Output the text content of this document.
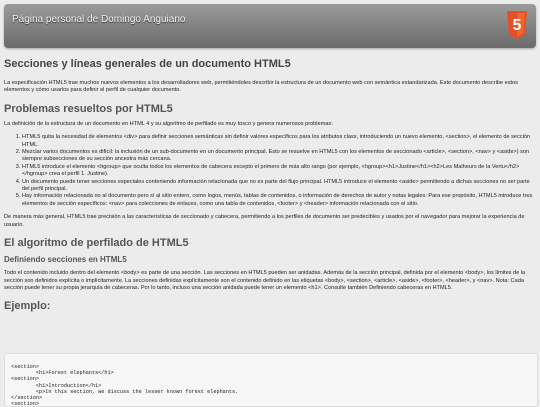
Página personal de Domingo Anguiano	5
Secciones y líneas generales de un documento HTML5

La especificación HTML5 trae muchos nuevos elementos a los desarrolladores web, permitiéndoles describir la estructura de un documento web con semántica estandarizada. Este documento describe estos elementos y cómo usarlos para definir el perfil de cualquier documento.

Problemas resueltos por HTML5

La definición de la estructura de un documento en HTML 4 y su algoritmo de perfilado es muy tosco y genera numerosos problemas:

1. HTML5 quita la necesidad de elementos <div> para definir secciones semánticas sin definir valores específicos para los atributos class, introduciendo un nuevo elemento, <section>, el elemento de sección HTML.
2. Mezclar varios documentos es difícil: la inclusión de un sub-documento en un documento principal. Esto se resuelve en HTML5 con los elementos de seccionado <article>, <section>, <nav> y <aside>) son siempre subsecciones de su sección ancestra más cercana.
3. HTML5 introduce el elemento <hgroup> que oculta todos los elementos de cabecera excepto el primero de más alto rango (por ejemplo, <hgroup><h1>Justine</h1><h2>Les Malheurs de la Vertu</h2></hgroup> crea el perfil 1. Justine).
4. Un documento puede tener secciones especiales conteniendo información relacionada que no es parte del flujo principal. HTML5 introduce el elemento <aside> permitiendo a dichas secciones no ser parte del perfil principal.
5. Hay información relacionada no al documento pero sí al sitio entero, como logos, menús, tablas de contenidos, o información de derechos de autor y notas legales. Para ese propósito, HTML5 introduce tres elementos de sección específicos: <nav> para colecciones de enlaces, como una tabla de contenidos, <footer> y <header> información relacionada con el sitio.

De manera más general, HTML5 trae precisión a las características de seccionado y cabecera, permitiendo a los perfiles de documento ser predecibles y usados por el navegador para mejorar la experiencia de usuario.

El algoritmo de perfilado de HTML5
Definiendo secciones en HTML5

Todo el contenido incluido dentro del elemento <body> es parte de una sección. Las secciones en HTML5 pueden ser anidadas. Además de la sección principal, definida por el elemento <body>, los límites de la sección son definidos explícita o implícitamente. La secciones definidas explícitamente son el contenido definido en las etiquetas <body>, <section>, <article>, <aside>, <footer>, <header>, y <nav>. Nota: Cada sección puede tener su propia jerarquía de cabeceras. Por lo tanto, incluso una sección anidada puede tener un elemento <h1>. Consulte también Definiendo cabeceras en HTML5.

Ejemplo:
<section>
<h1>Forest elephants</h1>
<section>
<h1>Introduction</h1>
<p>In this section, we discuss the lesser known forest elephants.
</section>
<section>
